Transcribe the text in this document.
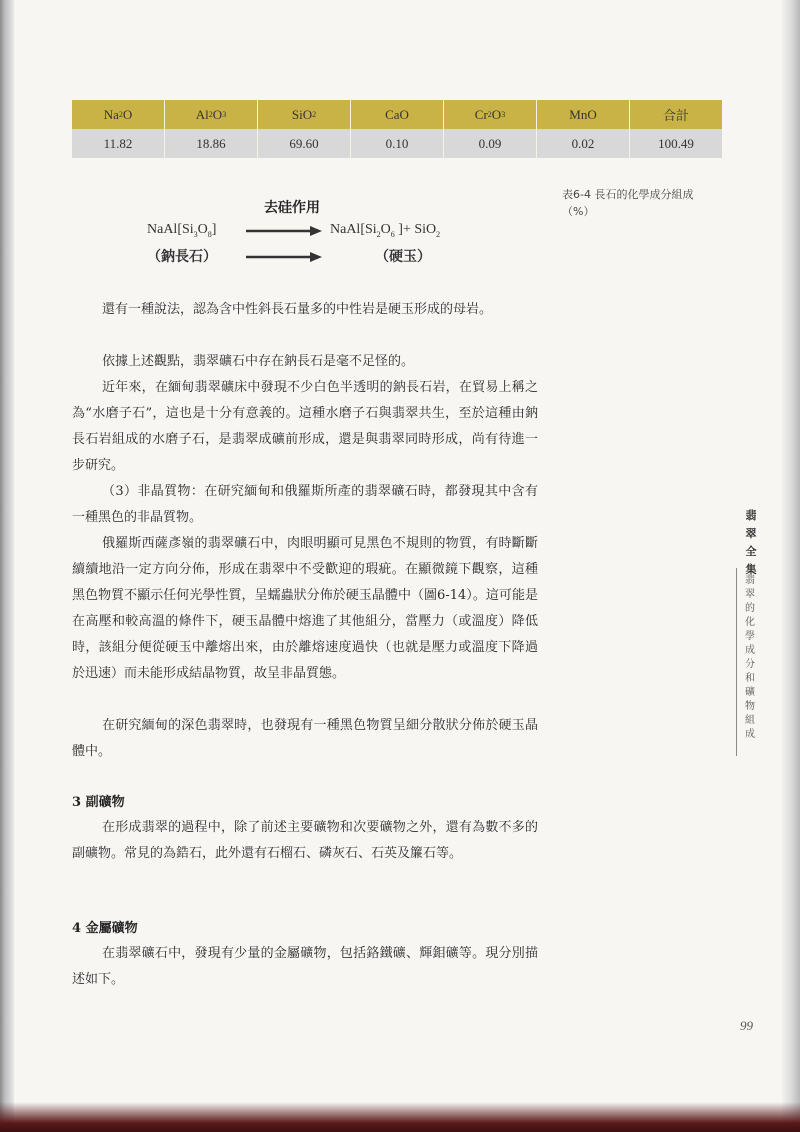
Na 2 O	Al 2 O 3	SiO 2	CaO	Cr 2 O 3	MnO	合計
11.82	18.86	69.60	0.10	0.09	0.02	100.49
表6-4 長石的化學成分組成
（%）
去硅作用
$NaAl[Si_3O_8]$	$NaAl[Si_2O_6$ ]+ SiO$_2$
（鈉長石）	（硬玉）

還有一種說法，認為含中性斜長石量多的中性岩是硬玉形成的母岩。

依據上述觀點，翡翠礦石中存在鈉長石是毫不足怪的。

近年來，在緬甸翡翠礦床中發現不少白色半透明的鈉長石岩，在貿易上稱之為“水磨子石”，這也是十分有意義的。這種水磨子石與翡翠共生，至於這種由鈉長石岩組成的水磨子石，是翡翠成礦前形成，還是與翡翠同時形成，尚有待進一步研究。

（3）非晶質物：在研究緬甸和俄羅斯所產的翡翠礦石時，都發現其中含有一種黑色的非晶質物。

俄羅斯西薩彥嶺的翡翠礦石中，肉眼明顯可見黑色不規則的物質，有時斷斷續續地沿一定方向分佈，形成在翡翠中不受歡迎的瑕疵。在顯微鏡下觀察，這種黑色物質不顯示任何光學性質，呈蠕蟲狀分佈於硬玉晶體中（圖6-14）。這可能是在高壓和較高溫的條件下，硬玉晶體中熔進了其他組分，當壓力（或溫度）降低時，該組分便從硬玉中離熔出來，由於離熔速度過快（也就是壓力或溫度下降過於迅速）而未能形成結晶物質，故呈非晶質態。

在研究緬甸的深色翡翠時，也發現有一種黑色物質呈細分散狀分佈於硬玉晶體中。

3 副礦物

在形成翡翠的過程中，除了前述主要礦物和次要礦物之外，還有為數不多的副礦物。常見的為鋯石，此外還有石榴石、磷灰石、石英及簾石等。

4 金屬礦物

在翡翠礦石中，發現有少量的金屬礦物，包括鉻鐵礦、輝鉬礦等。現分別描述如下。

翡翠全集
翡翠的化學成分和礦物組成
99
